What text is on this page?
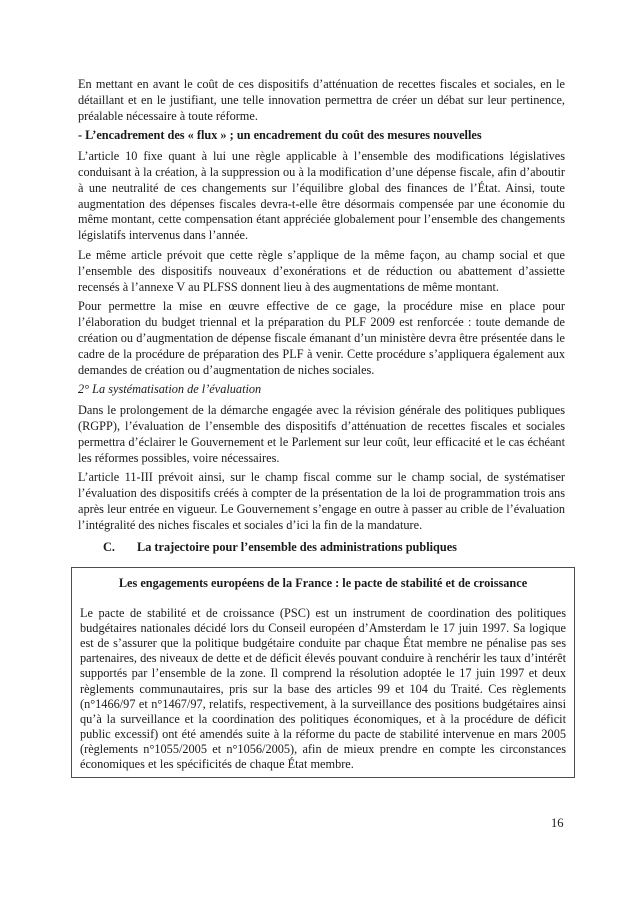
En mettant en avant le coût de ces dispositifs d’atténuation de recettes fiscales et sociales, en le détaillant et en le justifiant, une telle innovation permettra de créer un débat sur leur pertinence, préalable nécessaire à toute réforme.

- L’encadrement des « flux » ; un encadrement du coût des mesures nouvelles

L’article 10 fixe quant à lui une règle applicable à l’ensemble des modifications législatives conduisant à la création, à la suppression ou à la modification d’une dépense fiscale, afin d’aboutir à une neutralité de ces changements sur l’équilibre global des finances de l’État. Ainsi, toute augmentation des dépenses fiscales devra-t-elle être désormais compensée par une économie du même montant, cette compensation étant appréciée globalement pour l’ensemble des changements législatifs intervenus dans l’année.

Le même article prévoit que cette règle s’applique de la même façon, au champ social et que l’ensemble des dispositifs nouveaux d’exonérations et de réduction ou abattement d’assiette recensés à l’annexe V au PLFSS donnent lieu à des augmentations de même montant.

Pour permettre la mise en œuvre effective de ce gage, la procédure mise en place pour l’élaboration du budget triennal et la préparation du PLF 2009 est renforcée : toute demande de création ou d’augmentation de dépense fiscale émanant d’un ministère devra être présentée dans le cadre de la procédure de préparation des PLF à venir. Cette procédure s’appliquera également aux demandes de création ou d’augmentation de niches sociales.

2° La systématisation de l’évaluation

Dans le prolongement de la démarche engagée avec la révision générale des politiques publiques (RGPP), l’évaluation de l’ensemble des dispositifs d’atténuation de recettes fiscales et sociales permettra d’éclairer le Gouvernement et le Parlement sur leur coût, leur efficacité et le cas échéant les réformes possibles, voire nécessaires.

L’article 11-III prévoit ainsi, sur le champ fiscal comme sur le champ social, de systématiser l’évaluation des dispositifs créés à compter de la présentation de la loi de programmation trois ans après leur entrée en vigueur. Le Gouvernement s’engage en outre à passer au crible de l’évaluation l’intégralité des niches fiscales et sociales d’ici la fin de la mandature.

C. La trajectoire pour l’ensemble des administrations publiques
Les engagements européens de la France : le pacte de stabilité et de croissance

Le pacte de stabilité et de croissance (PSC) est un instrument de coordination des politiques budgétaires nationales décidé lors du Conseil européen d’Amsterdam le 17 juin 1997. Sa logique est de s’assurer que la politique budgétaire conduite par chaque État membre ne pénalise pas ses partenaires, des niveaux de dette et de déficit élevés pouvant conduire à renchérir les taux d’intérêt supportés par l’ensemble de la zone. Il comprend la résolution adoptée le 17 juin 1997 et deux règlements communautaires, pris sur la base des articles 99 et 104 du Traité. Ces règlements (n°1466/97 et n°1467/97, relatifs, respectivement, à la surveillance des positions budgétaires ainsi qu’à la surveillance et la coordination des politiques économiques, et à la procédure de déficit public excessif) ont été amendés suite à la réforme du pacte de stabilité intervenue en mars 2005 (règlements n°1055/2005 et n°1056/2005), afin de mieux prendre en compte les circonstances économiques et les spécificités de chaque État membre.

16
